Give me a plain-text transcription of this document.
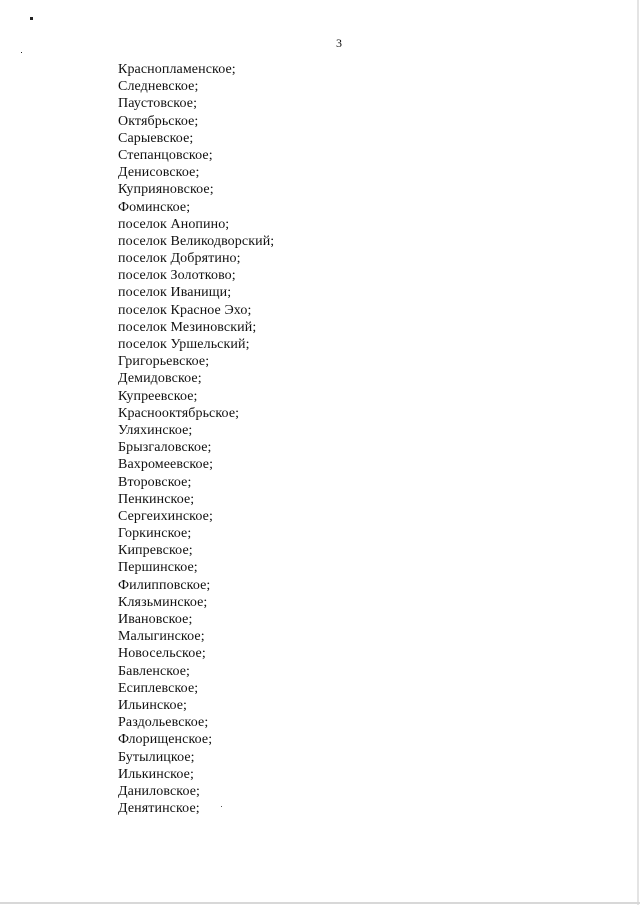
3
Краснопламенское;
Следневское;
Паустовское;
Октябрьское;
Сарыевское;
Степанцовское;
Денисовское;
Куприяновское;
Фоминское;
поселок Анопино;
поселок Великодворский;
поселок Добрятино;
поселок Золотково;
поселок Иванищи;
поселок Красное Эхо;
поселок Мезиновский;
поселок Уршельский;
Григорьевское;
Демидовское;
Купреевское;
Краснооктябрьское;
Уляхинское;
Брызгаловское;
Вахромеевское;
Второвское;
Пенкинское;
Сергеихинское;
Горкинское;
Кипревское;
Першинское;
Филипповское;
Клязьминское;
Ивановское;
Малыгинское;
Новосельское;
Бавленское;
Есиплевское;
Ильинское;
Раздольевское;
Флорищенское;
Бутылицкое;
Илькинское;
Даниловское;
Денятинское;
